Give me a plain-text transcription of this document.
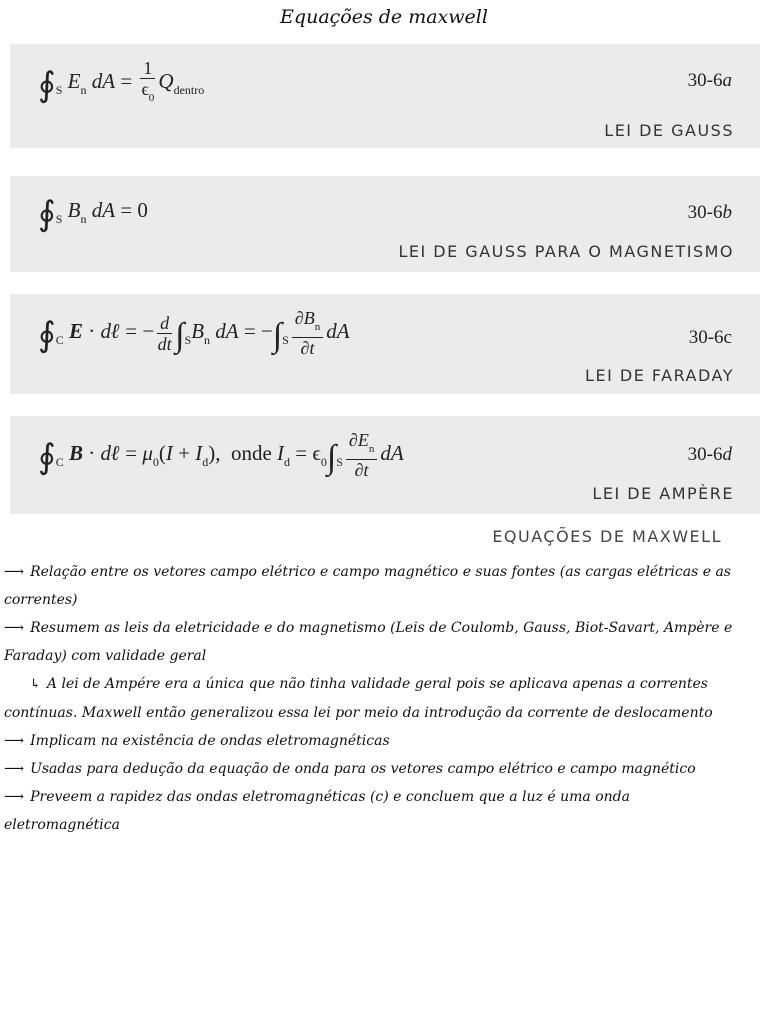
Equações de maxwell
$∮_S$ $E_n$ dA = $\frac{1}{\epsilon_0} Q_{dentro}$	30-6a
LEI DE GAUSS
$∮_S$ $B_n$ dA = 0	30-6b
LEI DE GAUSS PARA O MAGNETISMO
$∮_C$ E · dℓ = − $\frac{d}{dt} \int_SB_n$ dA = $-\int_S \frac{\partial B_n}{\partial t}$ dA	30-6c
LEI DE FARADAY
$∮_C$ B · dℓ = $\mu_0(I + I_d)$,  onde $I_d = \epsilon_0\int_S \frac{\partial E_n}{\partial t}$ dA	30-6d
LEI DE AMPÈRE
EQUAÇÕES DE MAXWELL
⟶ Relação entre os vetores campo elétrico e campo magnético e suas fontes (as cargas elétricas e as correntes)
⟶ Resumem as leis da eletricidade e do magnetismo (Leis de Coulomb, Gauss, Biot-Savart, Ampère e Faraday) com validade geral
↳ A lei de Ampére era a única que não tinha validade geral pois se aplicava apenas a correntes contínuas. Maxwell então generalizou essa lei por meio da introdução da corrente de deslocamento
⟶ Implicam na existência de ondas eletromagnéticas
⟶ Usadas para dedução da equação de onda para os vetores campo elétrico e campo magnético
⟶ Preveem a rapidez das ondas eletromagnéticas (c) e concluem que a luz é uma onda eletromagnética
